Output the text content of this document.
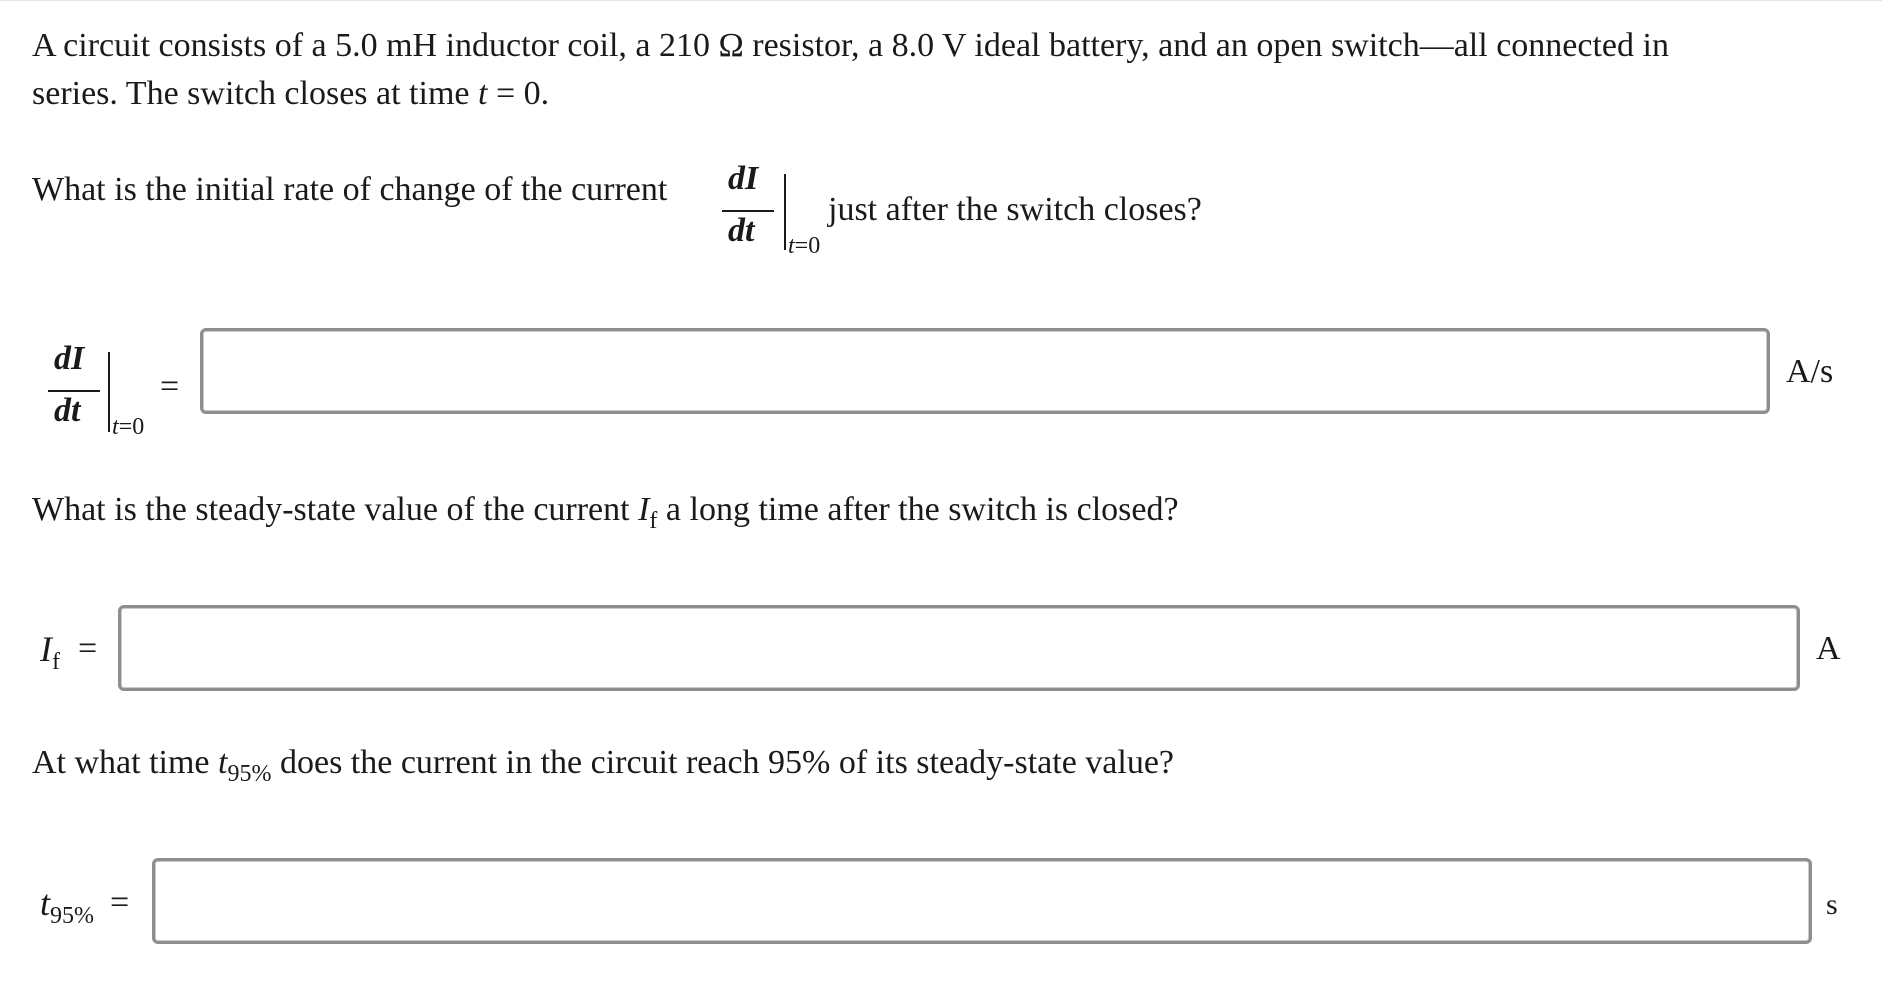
A circuit consists of a 5.0 mH inductor coil, a 210 Ω resistor, a 8.0 V ideal battery, and an open switch—all connected in

series. The switch closes at time t = 0.

What is the initial rate of change of the current dI
dt t=0
just after the switch closes?
dI
dt t=0
=	A/s
What is the steady-state value of the current $I_f$ a long time after the switch is closed?
$I_f$ =	A
At what time $t_{95\%}$ does the current in the circuit reach 95% of its steady-state value?
$t_{95\%}$ =	s
